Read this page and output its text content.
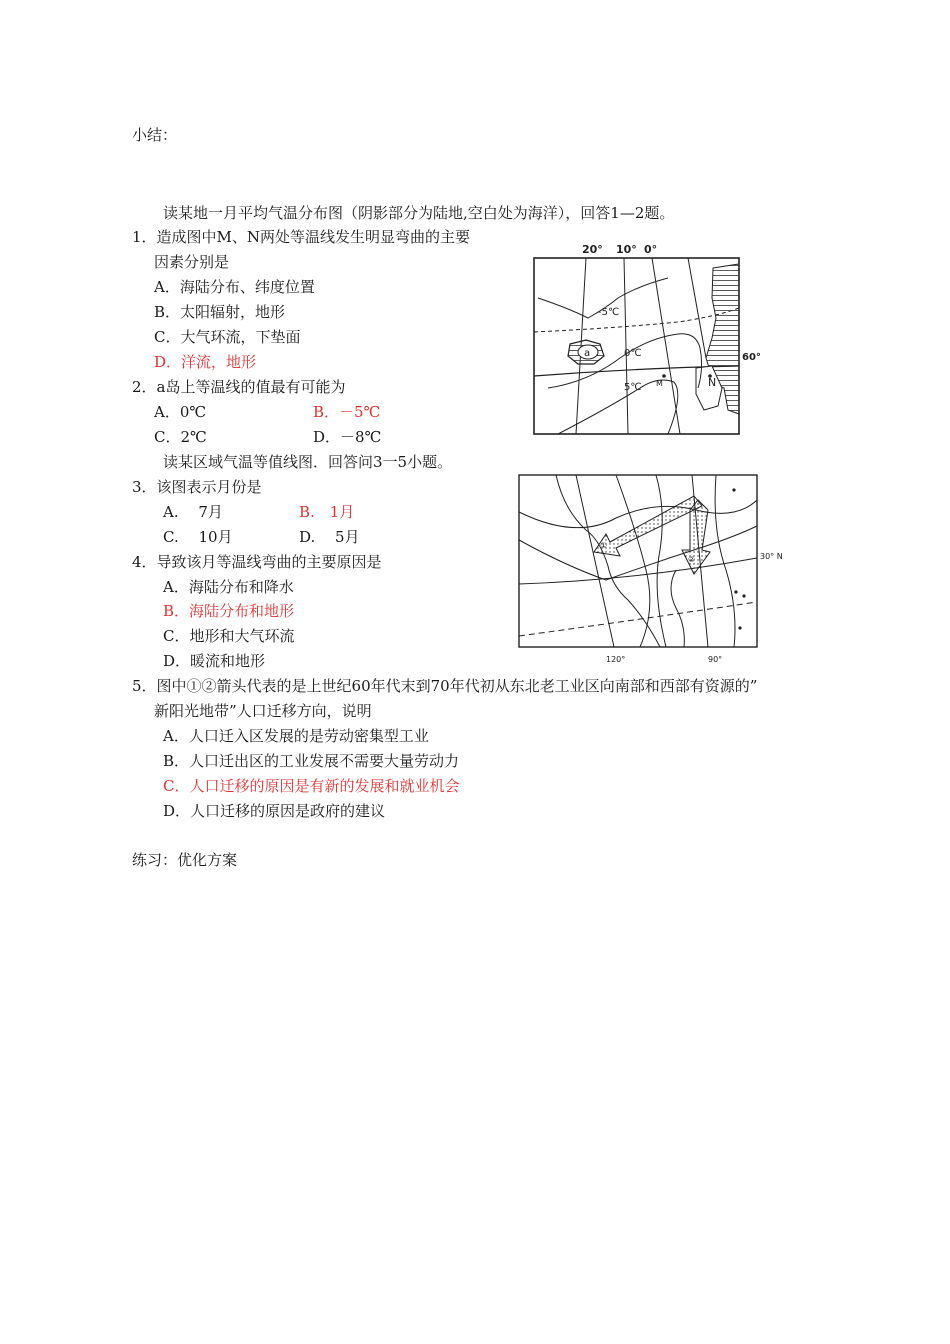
小结：
读某地一月平均气温分布图（阴影部分为陆地,空白处为海洋），回答1—2题。
1．造成图中M、N两处等温线发生明显弯曲的主要
因素分别是
A．海陆分布、纬度位置
B．太阳辐射，地形
C．大气环流，下垫面
D．洋流，地形
2．a岛上等温线的值最有可能为
A．0℃	B．－5℃
C．2℃	D．－8℃
读某区域气温等值线图．回答问3一5小题。
3．该图表示月份是
A.　 7月	B.　1月
C.　 10月	D.　 5月
4．导致该月等温线弯曲的主要原因是
A．海陆分布和降水
B．海陆分布和地形
C．地形和大气环流
D．暖流和地形
5．图中①②箭头代表的是上世纪60年代末到70年代初从东北老工业区向南部和西部有资源的”
新阳光地带”人口迁移方向，说明
A．人口迁入区发展的是劳动密集型工业
B．人口迁出区的工业发展不需要大量劳动力
C．人口迁移的原因是有新的发展和就业机会
D．人口迁移的原因是政府的建议
练习：优化方案
20° 10° 0°
a
-5℃
0℃
5℃ M	N
60°
①
②	30° N
120°	90°
